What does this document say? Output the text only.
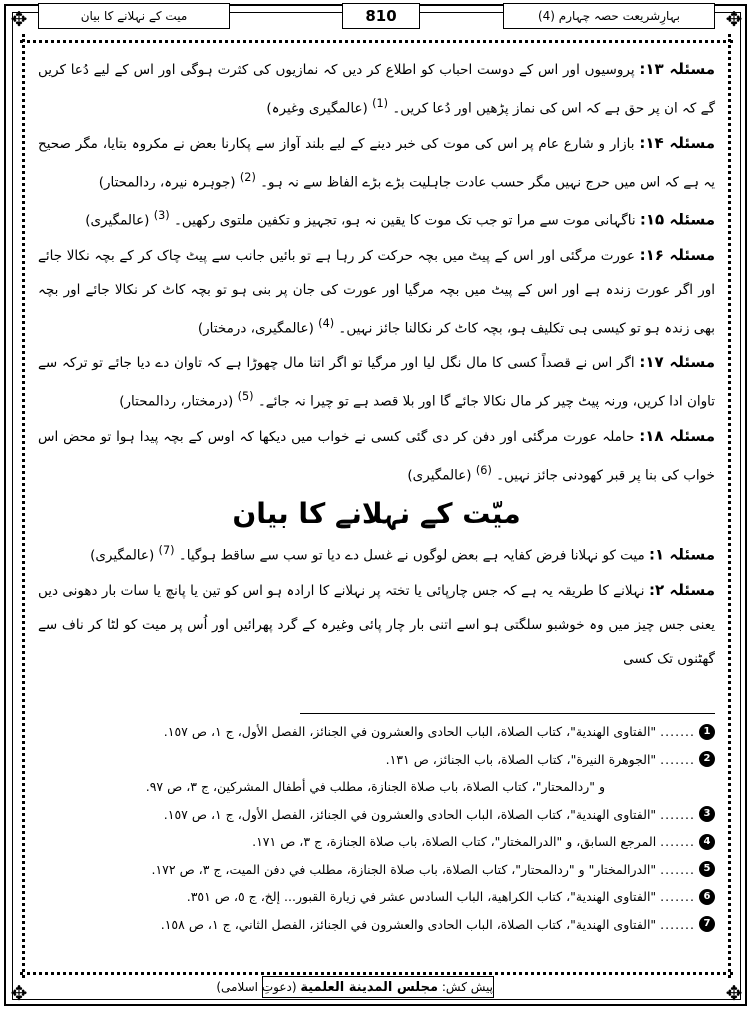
✥	✥
✥	✥
بہارِشریعت حصہ چہارم (4)
810
میت کے نہلانے کا بیان

مسئلہ ۱۳: پروسیوں اور اس کے دوست احباب کو اطلاع کر دیں کہ نمازیوں کی کثرت ہوگی اور اس کے لیے دُعا کریں گے کہ ان پر حق ہے کہ اس کی نماز پڑھیں اور دُعا کریں۔ $^{(1)}$ (عالمگیری وغیرہ)

مسئلہ ۱۴: بازار و شارع عام پر اس کی موت کی خبر دینے کے لیے بلند آواز سے پکارنا بعض نے مکروہ بتایا، مگر صحیح یہ ہے کہ اس میں حرج نہیں مگر حسب عادت جاہلیت بڑے بڑے الفاظ سے نہ ہو۔ $^{(2)}$ (جوہرہ نیرہ، ردالمحتار)

مسئلہ ۱۵: ناگہانی موت سے مرا تو جب تک موت کا یقین نہ ہو، تجہیز و تکفین ملتوی رکھیں۔ $^{(3)}$ (عالمگیری)

مسئلہ ۱۶: عورت مرگئی اور اس کے پیٹ میں بچہ حرکت کر رہا ہے تو بائیں جانب سے پیٹ چاک کر کے بچہ نکالا جائے اور اگر عورت زندہ ہے اور اس کے پیٹ میں بچہ مرگیا اور عورت کی جان پر بنی ہو تو بچہ کاٹ کر نکالا جائے اور بچہ بھی زندہ ہو تو کیسی ہی تکلیف ہو، بچہ کاٹ کر نکالنا جائز نہیں۔ $^{(4)}$ (عالمگیری، درمختار)

مسئلہ ۱۷: اگر اس نے قصداً کسی کا مال نگل لیا اور مرگیا تو اگر اتنا مال چھوڑا ہے کہ تاوان دے دیا جائے تو ترکہ سے تاوان ادا کریں، ورنہ پیٹ چیر کر مال نکالا جائے گا اور بلا قصد ہے تو چیرا نہ جائے۔ $^{(5)}$ (درمختار، ردالمحتار)

مسئلہ ۱۸: حاملہ عورت مرگئی اور دفن کر دی گئی کسی نے خواب میں دیکھا کہ اوس کے بچہ پیدا ہوا تو محض اس خواب کی بنا پر قبر کھودنی جائز نہیں۔ $^{(6)}$ (عالمگیری)

میّت کے نہلانے کا بیان

مسئلہ ۱: میت کو نہلانا فرض کفایہ ہے بعض لوگوں نے غسل دے دیا تو سب سے ساقط ہوگیا۔ $^{(7)}$ (عالمگیری)

مسئلہ ۲: نہلانے کا طریقہ یہ ہے کہ جس چارپائی یا تختہ پر نہلانے کا ارادہ ہو اس کو تین یا پانچ یا سات بار دھونی دیں یعنی جس چیز میں وہ خوشبو سلگتی ہو اسے اتنی بار چار پائی وغیرہ کے گرد پھرائیں اور اُس پر میت کو لٹا کر ناف سے گھٹنوں تک کسی

1
.......
"الفتاوى الهندية"، كتاب الصلاة، الباب الحادى والعشرون في الجنائز، الفصل الأول، ج ١، ص ١٥٧.
2
.......
"الجوهرة النيرة"، كتاب الصلاة، باب الجنائز، ص ١٣١.
و "ردالمحتار"، كتاب الصلاة، باب صلاة الجنازة، مطلب في أطفال المشركين، ج ٣، ص ٩٧.
3
.......
"الفتاوى الهندية"، كتاب الصلاة، الباب الحادى والعشرون في الجنائز، الفصل الأول، ج ١، ص ١٥٧.
4
.......
المرجع السابق، و "الدرالمختار"، كتاب الصلاة، باب صلاة الجنازة، ج ٣، ص ١٧١.
5
.......
"الدرالمختار" و "ردالمحتار"، كتاب الصلاة، باب صلاة الجنازة، مطلب في دفن الميت، ج ٣، ص ١٧٢.
6
.......
"الفتاوى الهندية"، كتاب الكراهية، الباب السادس عشر في زيارة القبور... إلخ، ج ٥، ص ٣٥١.
7
.......
"الفتاوى الهندية"، كتاب الصلاة، الباب الحادى والعشرون في الجنائز، الفصل الثاني، ج ١، ص ١٥٨.
پیش کش: مجلس المدينة العلمية (دعوتِ اسلامی)
